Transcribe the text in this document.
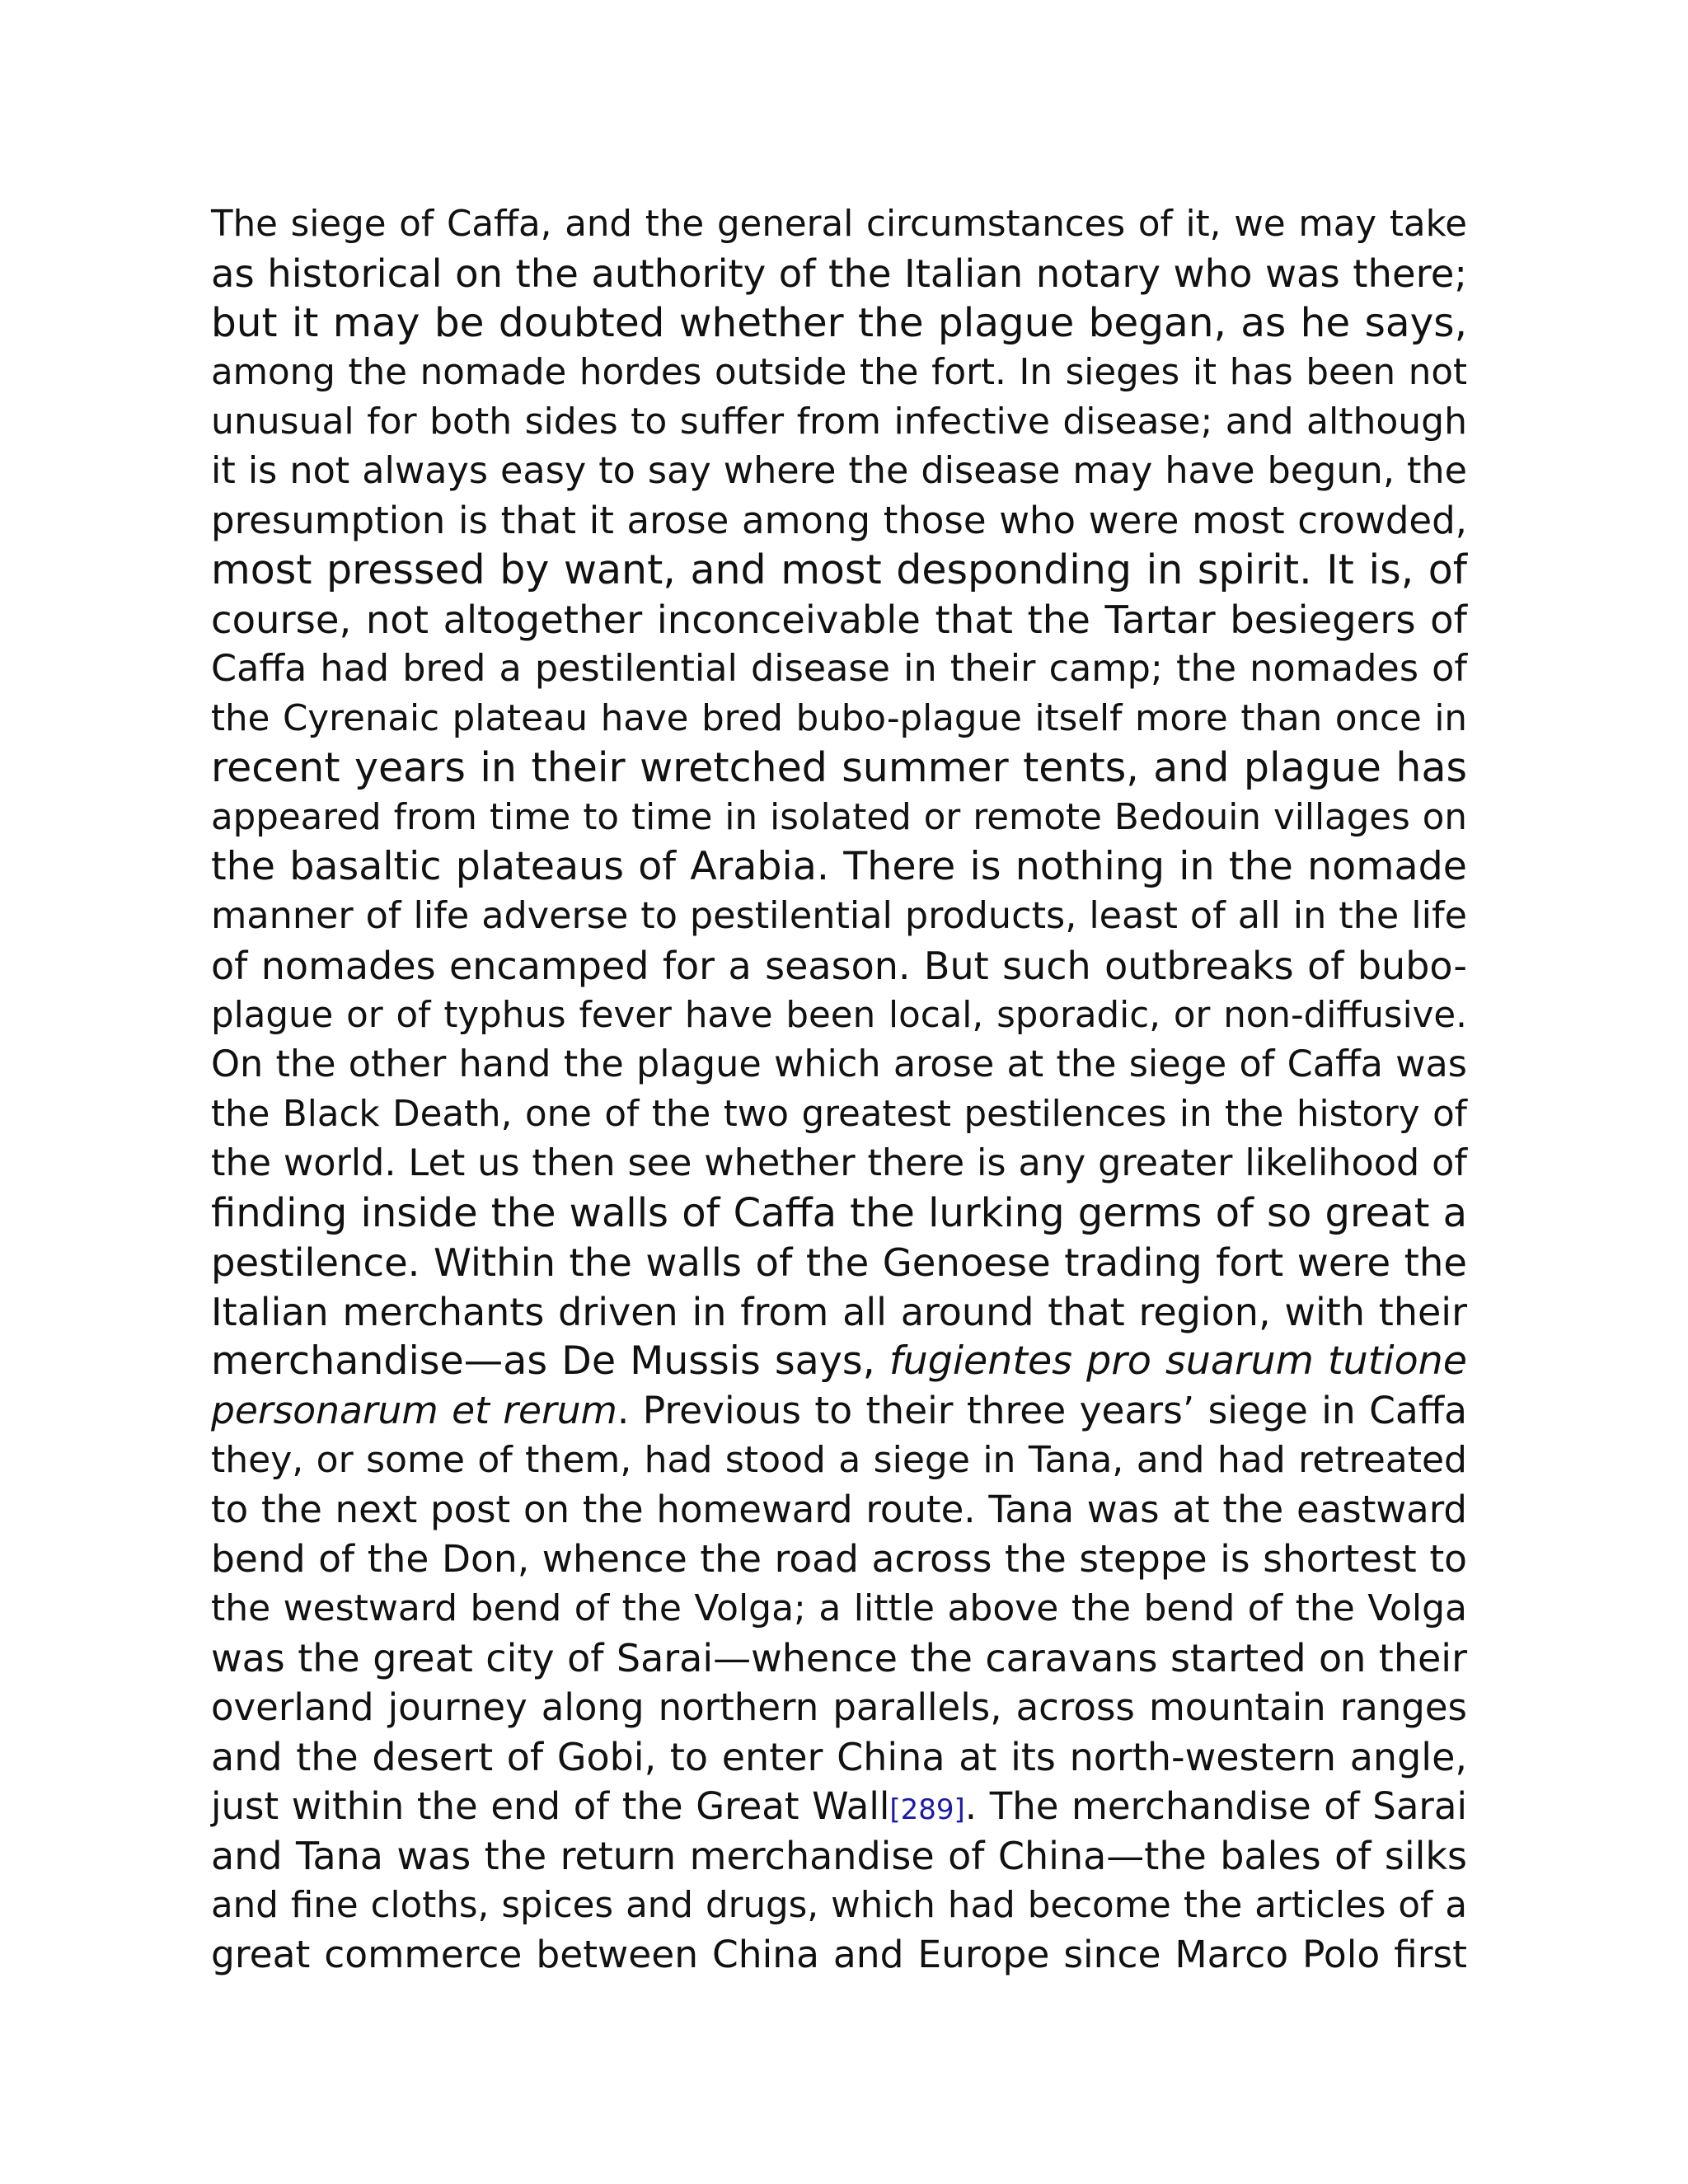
The siege of Caffa, and the general circumstances of it, we may take
as historical on the authority of the Italian notary who was there;
but it may be doubted whether the plague began, as he says,
among the nomade hordes outside the fort. In sieges it has been not
unusual for both sides to suffer from infective disease; and although
it is not always easy to say where the disease may have begun, the
presumption is that it arose among those who were most crowded,
most pressed by want, and most desponding in spirit. It is, of
course, not altogether inconceivable that the Tartar besiegers of
Caffa had bred a pestilential disease in their camp; the nomades of
the Cyrenaic plateau have bred bubo-plague itself more than once in
recent years in their wretched summer tents, and plague has
appeared from time to time in isolated or remote Bedouin villages on
the basaltic plateaus of Arabia. There is nothing in the nomade
manner of life adverse to pestilential products, least of all in the life
of nomades encamped for a season. But such outbreaks of bubo-
plague or of typhus fever have been local, sporadic, or non-diffusive.
On the other hand the plague which arose at the siege of Caffa was
the Black Death, one of the two greatest pestilences in the history of
the world. Let us then see whether there is any greater likelihood of
finding inside the walls of Caffa the lurking germs of so great a
pestilence. Within the walls of the Genoese trading fort were the
Italian merchants driven in from all around that region, with their
merchandise—as De Mussis says, fugientes pro suarum tutione
personarum et rerum. Previous to their three years’ siege in Caffa
they, or some of them, had stood a siege in Tana, and had retreated
to the next post on the homeward route. Tana was at the eastward
bend of the Don, whence the road across the steppe is shortest to
the westward bend of the Volga; a little above the bend of the Volga
was the great city of Sarai—whence the caravans started on their
overland journey along northern parallels, across mountain ranges
and the desert of Gobi, to enter China at its north-western angle,
just within the end of the Great Wall[289]. The merchandise of Sarai
and Tana was the return merchandise of China—the bales of silks
and fine cloths, spices and drugs, which had become the articles of a
great commerce between China and Europe since Marco Polo first
